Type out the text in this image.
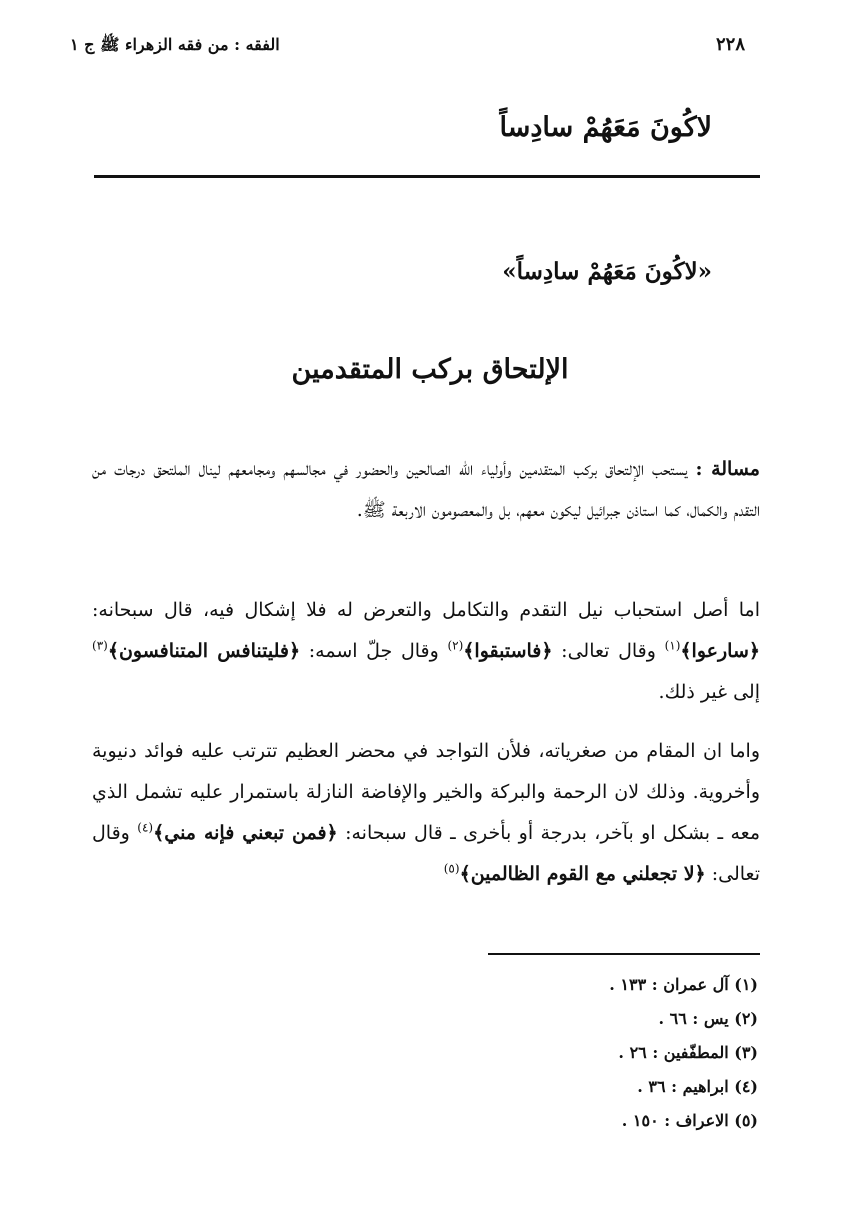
٢٢٨
الفقه : من فقه الزهراء ﷺ ج ١
لاكُونَ مَعَهُمْ سادِساً
«لاكُونَ مَعَهُمْ سادِساً»
الإلتحاق بركب المتقدمين

مسالة : يستحب الإلتحاق بركب المتقدمين وأولياء اللّه الصالحين والحضور في مجالسهم ومجامعهم لينال الملتحق درجات من التقدم والكمال، كما استاذن جبرائيل ليكون معهم، بل والمعصومون الاربعة ﷺ.

اما أصل استحباب نيل التقدم والتكامل والتعرض له فلا إشكال فيه، قال سبحانه: ﴿سارعوا﴾$^{(١)}$ وقال تعالى: ﴿فاستبقوا﴾$^{(٢)}$ وقال جلّ اسمه: ﴿فليتنافس المتنافسون﴾$^{(٣)}$ إلى غير ذلك.

واما ان المقام من صغرياته، فلأن التواجد في محضر العظيم تترتب عليه فوائد دنيوية وأخروية. وذلك لان الرحمة والبركة والخير والإفاضة النازلة باستمرار عليه تشمل الذي معه ـ بشكل او بآخر، بدرجة أو بأخرى ـ قال سبحانه: ﴿فمن تبعني فإنه مني﴾$^{(٤)}$ وقال تعالى: ﴿لا تجعلني مع القوم الظالمين﴾$^{(٥)}$

(١) آل عمران : ١٣٣ .
(٢) يس : ٦٦ .
(٣) المطفّفين : ٢٦ .
(٤) ابراهيم : ٣٦ .
(٥) الاعراف : ١٥٠ .
